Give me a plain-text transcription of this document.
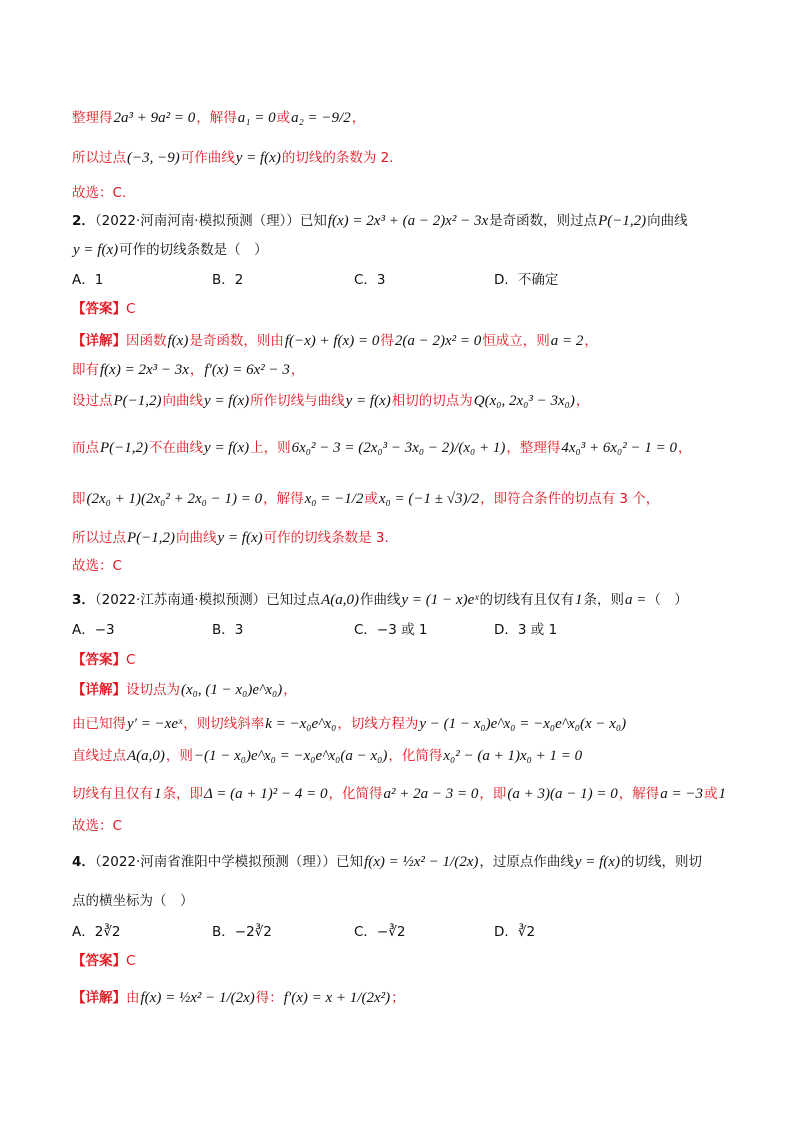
整理得2a³ + 9a² = 0，解得a₁ = 0或a₂ = −9/2，
所以过点(−3, −9)可作曲线y = f(x)的切线的条数为 2.
故选：C.
2．（2022·河南河南·模拟预测（理））已知f(x) = 2x³ + (a − 2)x² − 3x是奇函数，则过点P(−1,2)向曲线
y = f(x)可作的切线条数是（　）
A．1	B．2	C．3	D．不确定
【答案】C
【详解】因函数f(x)是奇函数，则由f(−x) + f(x) = 0得2(a − 2)x² = 0恒成立，则a = 2，
即有f(x) = 2x³ − 3x，f′(x) = 6x² − 3，
设过点P(−1,2)向曲线y = f(x)所作切线与曲线y = f(x)相切的切点为Q(x₀, 2x₀³ − 3x₀)，
而点P(−1,2)不在曲线y = f(x)上，则6x₀² − 3 = (2x₀³ − 3x₀ − 2)/(x₀ + 1)，整理得4x₀³ + 6x₀² − 1 = 0，
即(2x₀ + 1)(2x₀² + 2x₀ − 1) = 0，解得x₀ = −1/2或x₀ = (−1 ± √3)/2，即符合条件的切点有 3 个，
所以过点P(−1,2)向曲线y = f(x)可作的切线条数是 3.
故选：C
3．（2022·江苏南通·模拟预测）已知过点A(a,0)作曲线y = (1 − x)eˣ的切线有且仅有1条，则a =（　）
A．−3	B．3	C．−3 或 1	D．3 或 1
【答案】C
【详解】设切点为(x₀, (1 − x₀)e^x₀)，
由已知得y′ = −xeˣ，则切线斜率k = −x₀e^x₀，切线方程为y − (1 − x₀)e^x₀ = −x₀e^x₀(x − x₀)
直线过点A(a,0)，则−(1 − x₀)e^x₀ = −x₀e^x₀(a − x₀)，化简得x₀² − (a + 1)x₀ + 1 = 0
切线有且仅有1条，即Δ = (a + 1)² − 4 = 0，化简得a² + 2a − 3 = 0，即(a + 3)(a − 1) = 0，解得a = −3或1
故选：C
4．（2022·河南省淮阳中学模拟预测（理））已知f(x) = ½x² − 1/(2x)，过原点作曲线y = f(x)的切线，则切
点的横坐标为（　）
A．2∛2	B．−2∛2	C．−∛2	D．∛2
【答案】C
【详解】由f(x) = ½x² − 1/(2x)得：f′(x) = x + 1/(2x²)；
